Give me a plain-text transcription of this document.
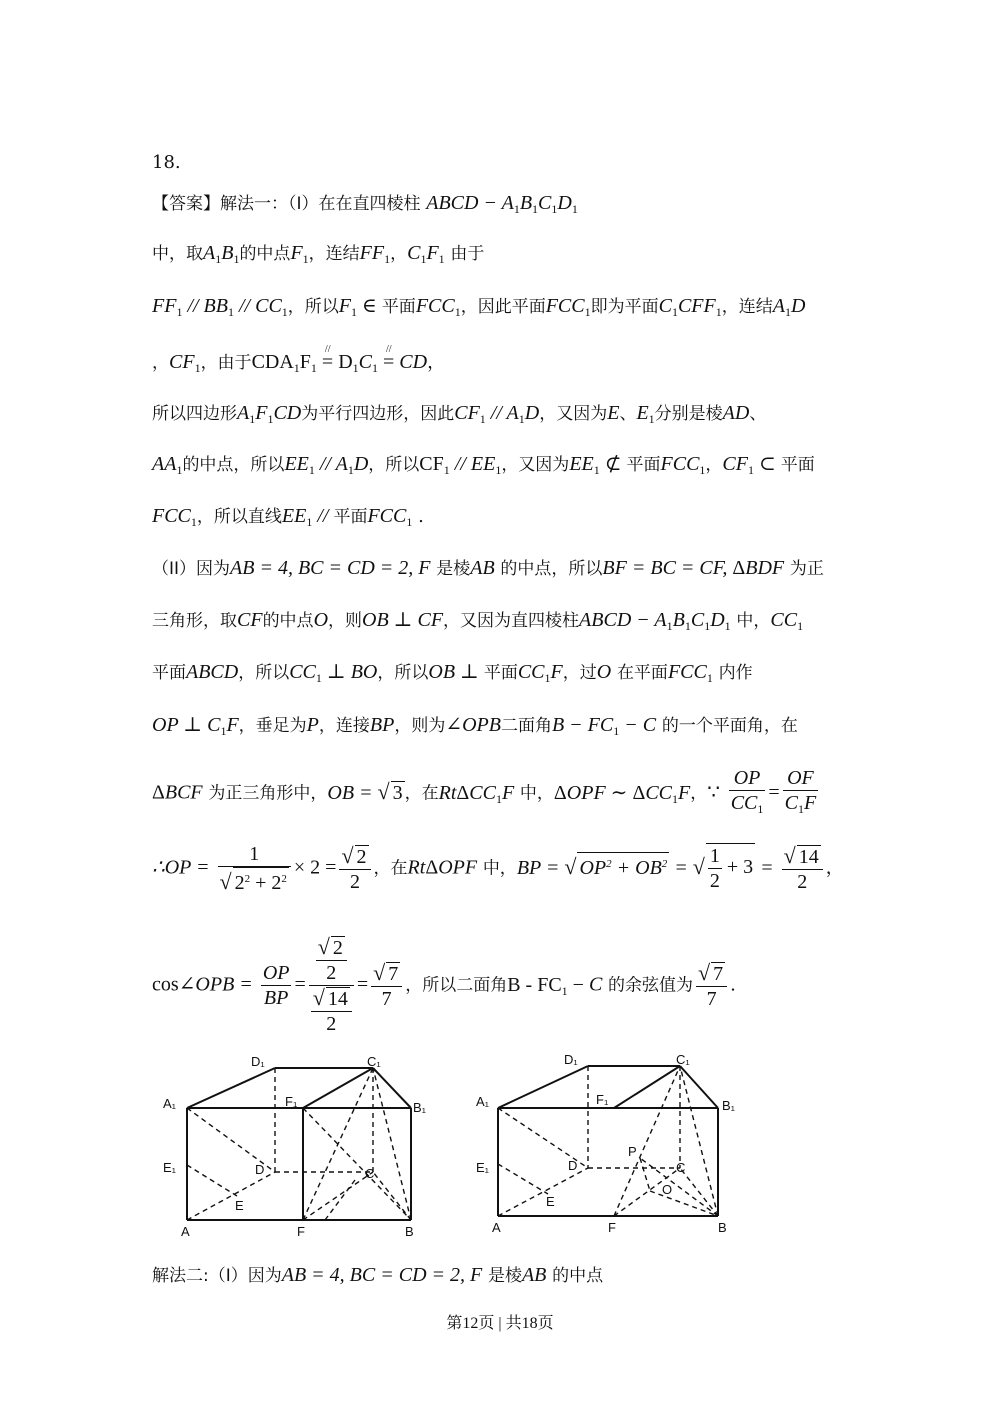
18.
【答案】解法一：（I）在在直四棱柱 ABCD − $A_1B_1C_1D_1$
中，取$A_1B_1$的中点$F_1$，连结$FF_1$，$C_1F_1$ 由于
$FF_1 // BB_1 // CC_1$，所以$F_1$ ∈ 平面$FCC_1$，因此平面$FCC_1$即为平面$C_1CFF_1$，连结$A_1D$
，$CF_1$，由于$CDA_1F_1$ // = $D_1C_1$ // = CD，
所以四边形$A_1F_1CD$为平行四边形，因此$CF_1 // A_1D$，又因为E、$E_1$分别是棱AD、
$AA_1$的中点，所以$EE_1 // A_1D$，所以$CF_1 // EE_1$，又因为$EE_1$ ⊄ 平面$FCC_1$，$CF_1$ ⊂ 平面
$FCC_1$，所以直线$EE_1$ // 平面$FCC_1$ .
（II）因为AB = 4, BC = CD = 2, F 是棱AB 的中点，所以BF = BC = CF, ΔBDF 为正
三角形，取CF的中点O，则OB ⊥ CF，又因为直四棱柱ABCD − $A_1B_1C_1D_1$ 中，$CC_1$
平面ABCD，所以$CC_1$ ⊥ BO，所以OB ⊥ 平面$CC_1F$，过O 在平面$FCC_1$ 内作
OP ⊥ $C_1F$，垂足为P，连接BP，则为∠OPB二面角$B - FC_1 - C$ 的一个平面角，在
ΔBCF 为正三角形中，OB = √ 3 ，在RtΔCC$_1$F 中，ΔOPF ∼ $\Delta CC_1F$，∵ $\frac{OP}{CC_1} = \frac{OF}{C_1F}$
∴OP = $\frac{1}{√ 2^2 + 2^2} \times 2 = \frac{√ 2}{2}$ ，在RtΔOPF 中，BP = √ $OP^2 + OB^2$ = √ $\frac{1}{2} + 3 = \frac{√ 14}{2}$ ，
cos∠OPB = $\frac{OP}{BP} = \frac{\frac{√ 2}{2}}{\frac{√ 14}{2}} = \frac{√ 7}{7}$ ，所以二面角$B - FC_1 - C$ 的余弦值为 $\frac{√ 7}{7}$ .
D₁	C₁
A₁	F₁	B₁
E₁	D	C
E
A	F	B
D₁	C₁
A₁	F₁	B₁
E₁	D
P
C
O
E
A	F	B
解法二:（I）因为AB = 4, BC = CD = 2, F 是棱AB 的中点
第12页 | 共18页
